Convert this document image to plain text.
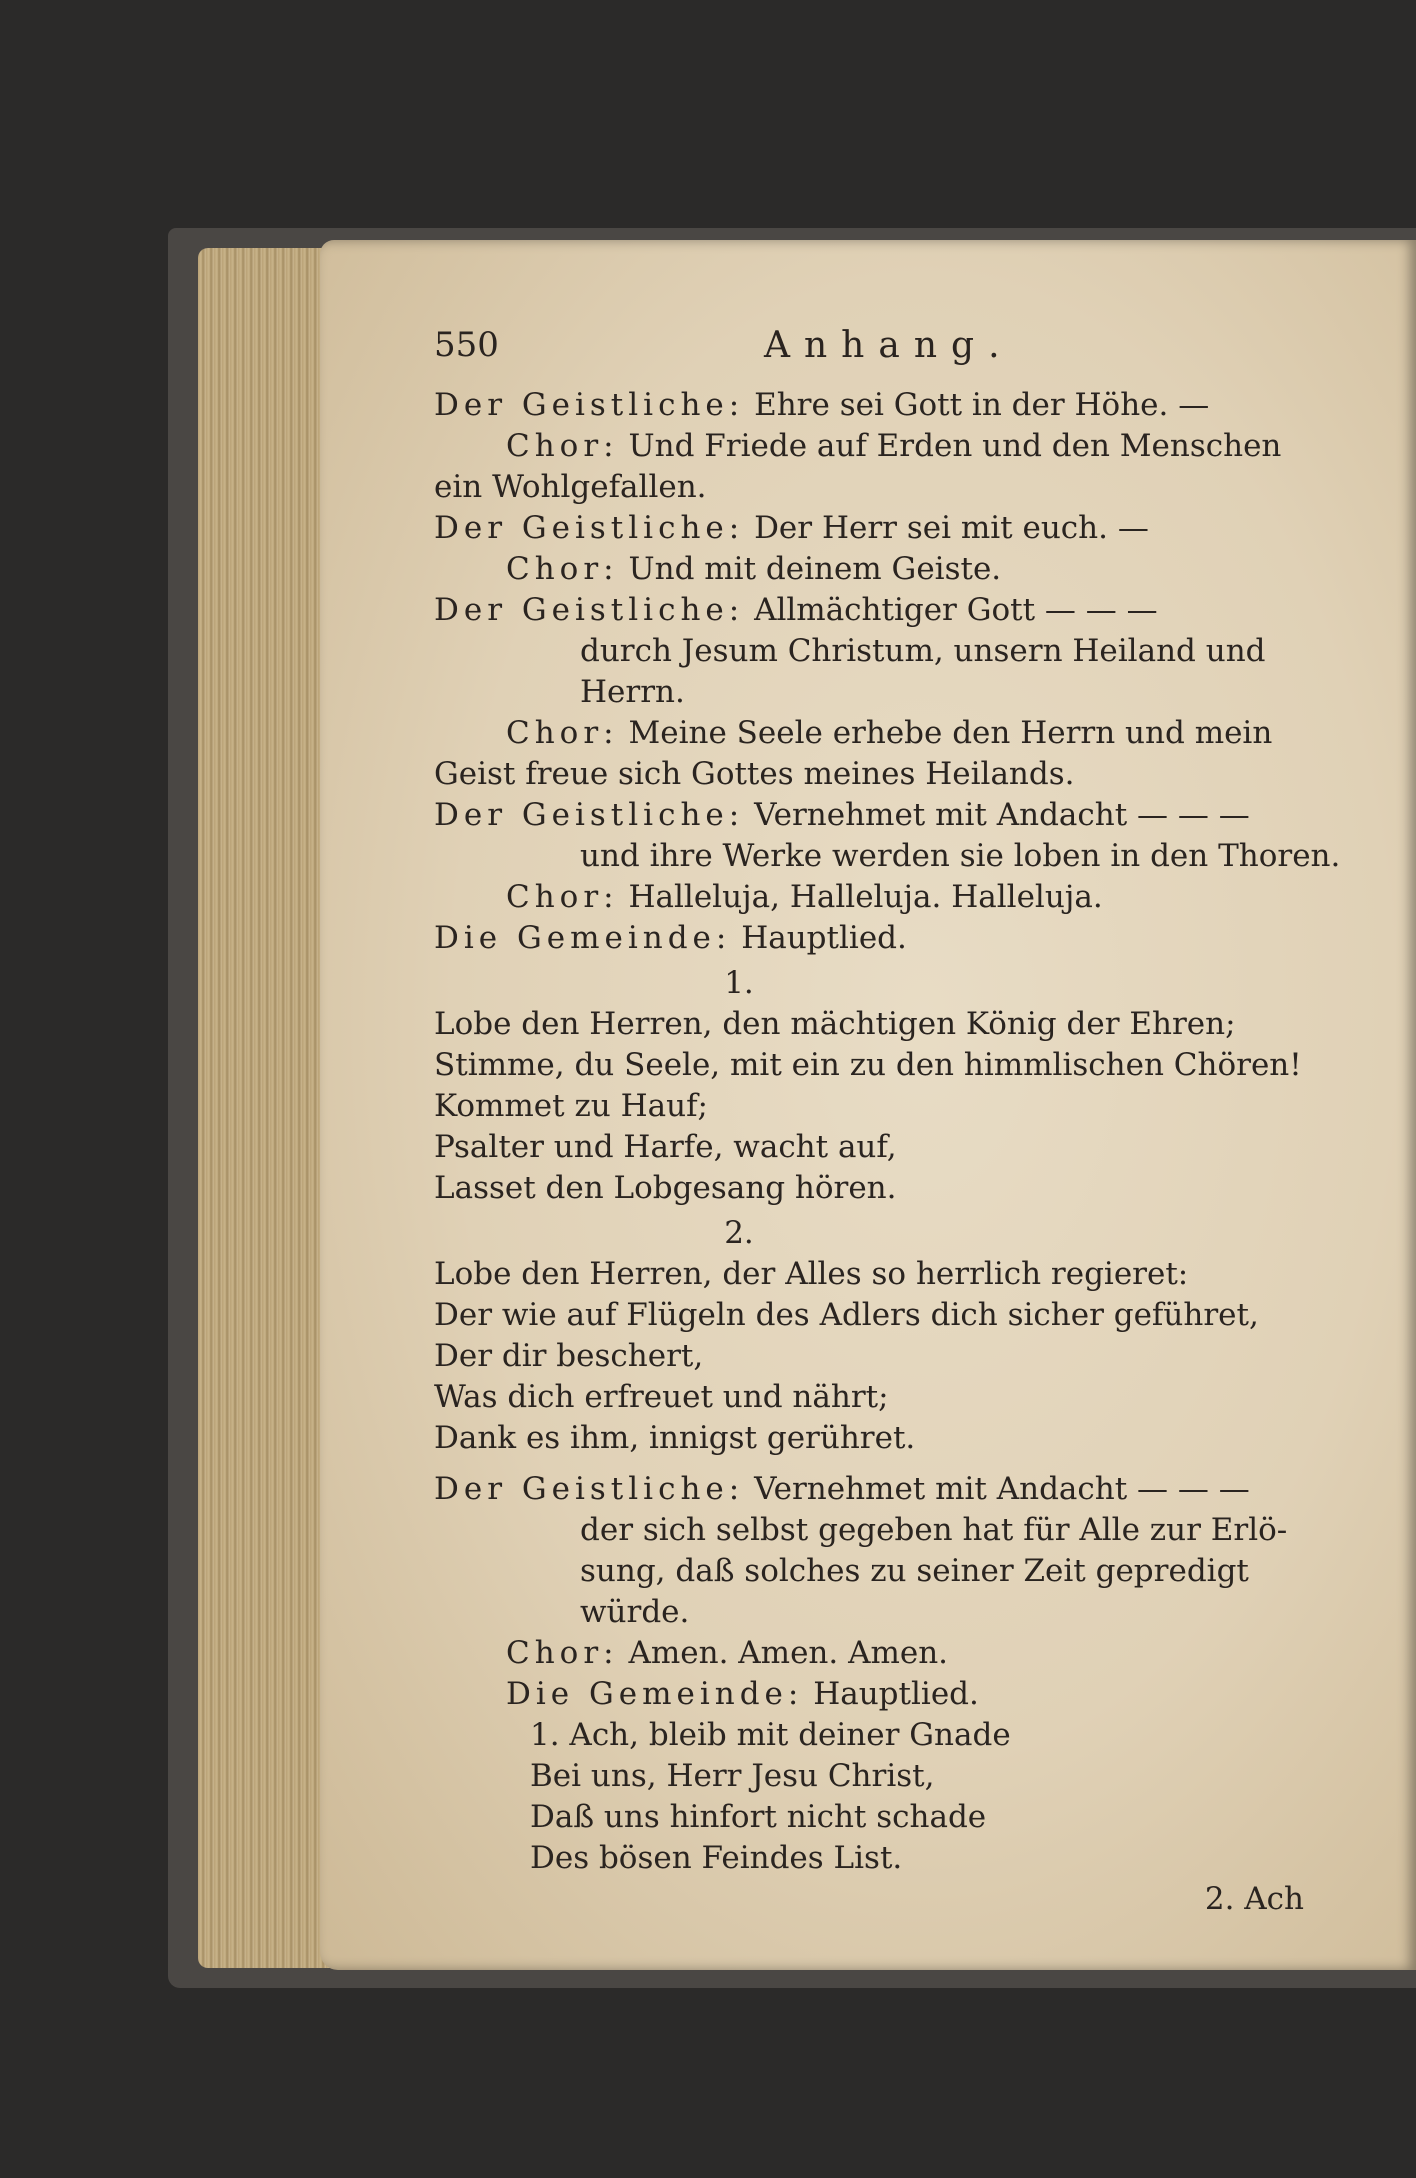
550	Anhang.
Der Geistliche: Ehre sei Gott in der Höhe. —
Chor: Und Friede auf Erden und den Menschen
ein Wohlgefallen.
Der Geistliche: Der Herr sei mit euch. —
Chor: Und mit deinem Geiste.
Der Geistliche: Allmächtiger Gott — — —
durch Jesum Christum, unsern Heiland und
Herrn.
Chor: Meine Seele erhebe den Herrn und mein
Geist freue sich Gottes meines Heilands.
Der Geistliche: Vernehmet mit Andacht — — —
und ihre Werke werden sie loben in den Thoren.
Chor: Halleluja, Halleluja. Halleluja.
Die Gemeinde: Hauptlied.
1.
Lobe den Herren, den mächtigen König der Ehren;
Stimme, du Seele, mit ein zu den himmlischen Chören!
Kommet zu Hauf;
Psalter und Harfe, wacht auf,
Lasset den Lobgesang hören.
2.
Lobe den Herren, der Alles so herrlich regieret:
Der wie auf Flügeln des Adlers dich sicher geführet,
Der dir beschert,
Was dich erfreuet und nährt;
Dank es ihm, innigst gerühret.
Der Geistliche: Vernehmet mit Andacht — — —
der sich selbst gegeben hat für Alle zur Erlö-
sung, daß solches zu seiner Zeit gepredigt
würde.
Chor: Amen. Amen. Amen.
Die Gemeinde: Hauptlied.
1. Ach, bleib mit deiner Gnade
Bei uns, Herr Jesu Christ,
Daß uns hinfort nicht schade
Des bösen Feindes List.
2. Ach
